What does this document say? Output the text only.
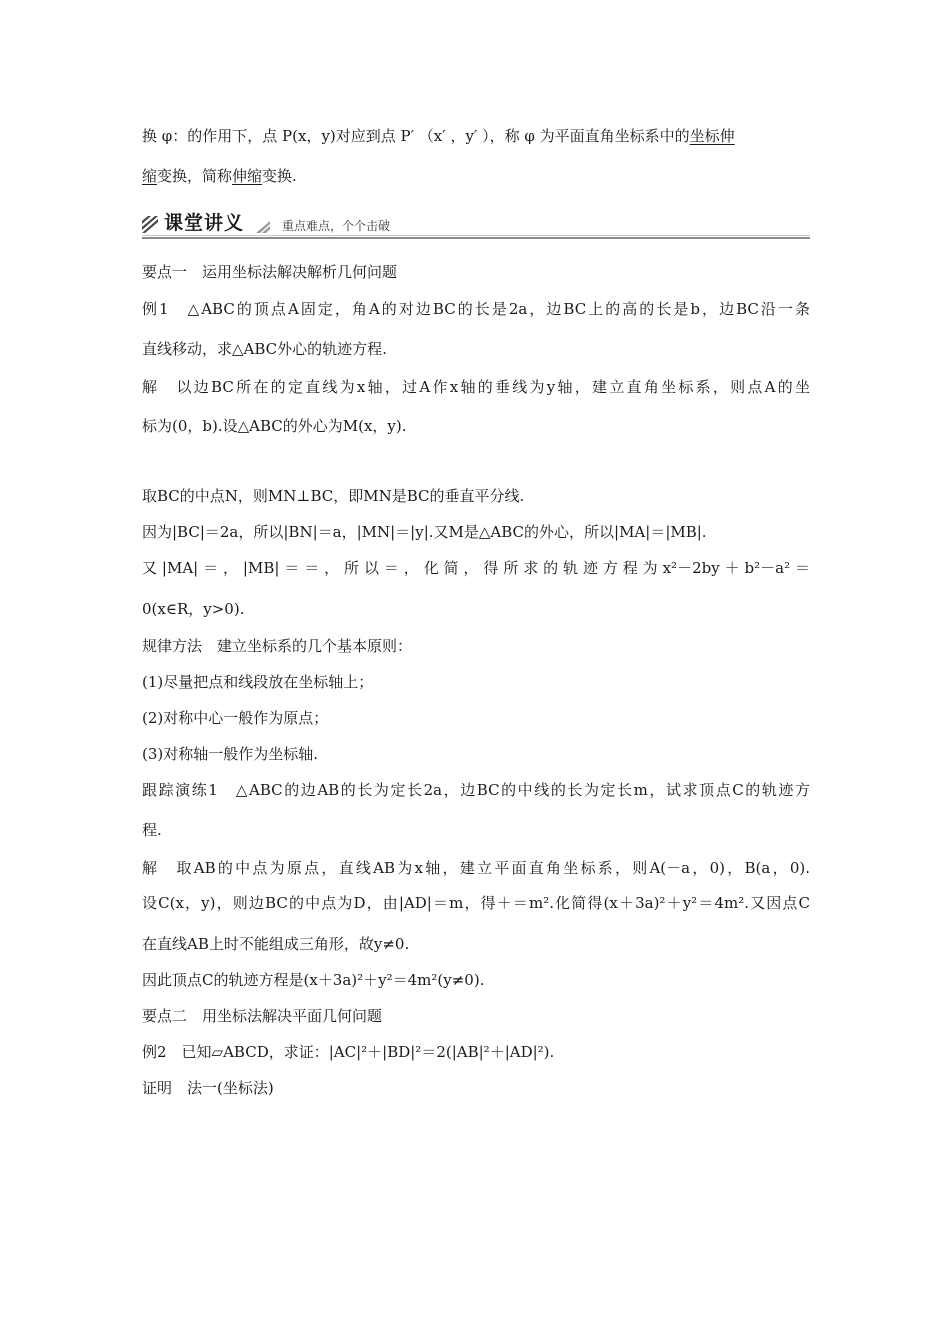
换 φ：的作用下，点 P(x，y)对应到点 P′ （x′ ，y′ ），称 φ 为平面直角坐标系中的坐标伸
缩变换，简称伸缩变换.
课堂讲义	重点难点，个个击破
要点一　运用坐标法解决解析几何问题
例1　△ABC的顶点A固定，角A的对边BC的长是2a，边BC上的高的长是b，边BC沿一条
直线移动，求△ABC外心的轨迹方程.
解　以边BC所在的定直线为x轴，过A作x轴的垂线为y轴，建立直角坐标系，则点A的坐
标为(0，b).设△ABC的外心为M(x，y).
取BC的中点N，则MN⊥BC，即MN是BC的垂直平分线.
因为|BC|＝2a，所以|BN|＝a，|MN|＝|y|.又M是△ABC的外心，所以|MA|＝|MB|.
又|MA|＝，|MB|＝＝，所以＝，化简，得所求的轨迹方程为x²－2by＋b²－a²＝
0(x∈R，y>0).
规律方法　建立坐标系的几个基本原则：
(1)尽量把点和线段放在坐标轴上；
(2)对称中心一般作为原点；
(3)对称轴一般作为坐标轴.
跟踪演练1　△ABC的边AB的长为定长2a，边BC的中线的长为定长m，试求顶点C的轨迹方
程.
解　取AB的中点为原点，直线AB为x轴，建立平面直角坐标系，则A(－a，0)，B(a，0).
设C(x，y)，则边BC的中点为D，由|AD|＝m，得＋＝m².化简得(x＋3a)²＋y²＝4m².又因点C
在直线AB上时不能组成三角形，故y≠0.
因此顶点C的轨迹方程是(x＋3a)²＋y²＝4m²(y≠0).
要点二　用坐标法解决平面几何问题
例2　已知▱ABCD，求证：|AC|²＋|BD|²＝2(|AB|²＋|AD|²).
证明　法一(坐标法)
